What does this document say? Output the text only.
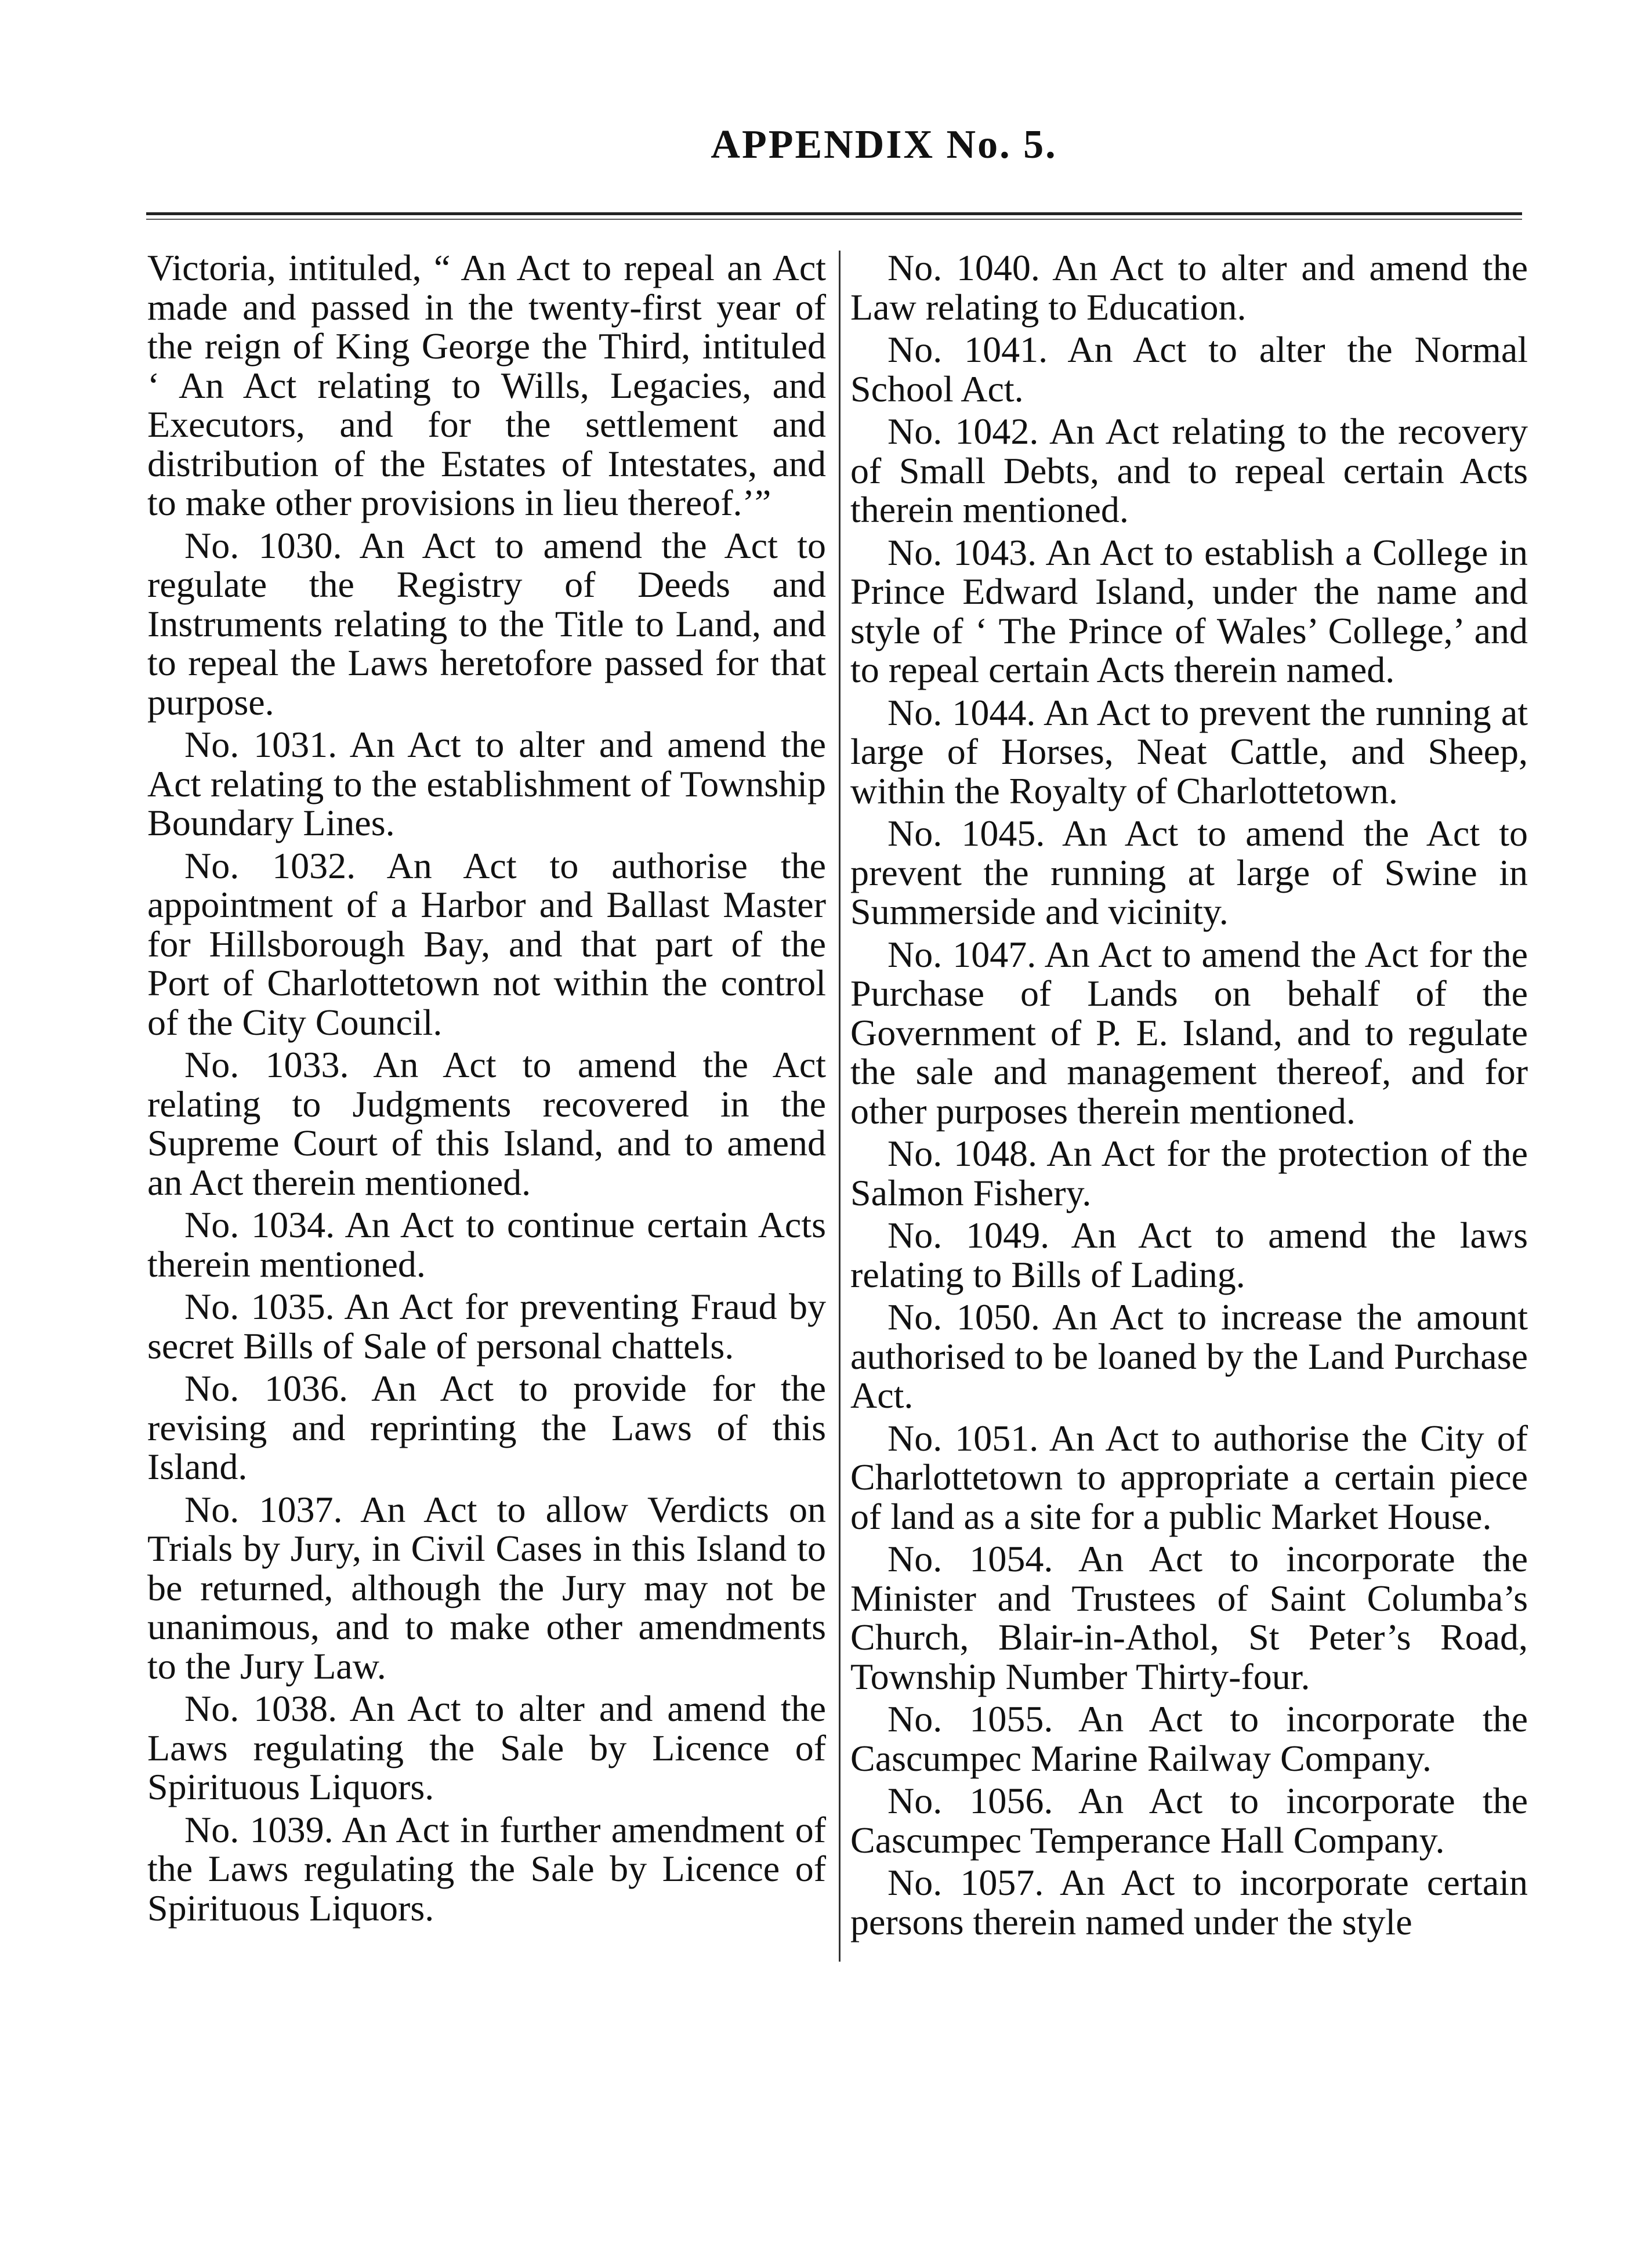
APPENDIX No. 5.

Victoria, intituled, “ An Act to repeal an Act made and passed in the twenty-first year of the reign of King George the Third, intituled ‘ An Act relating to Wills, Legacies, and Executors, and for the settlement and distribution of the Estates of Intestates, and to make other provisions in lieu thereof.’”

No. 1030. An Act to amend the Act to regulate the Registry of Deeds and Instruments relating to the Title to Land, and to repeal the Laws heretofore passed for that purpose.

No. 1031. An Act to alter and amend the Act relating to the establishment of Township Boundary Lines.

No. 1032. An Act to authorise the appointment of a Harbor and Ballast Master for Hillsborough Bay, and that part of the Port of Charlottetown not within the control of the City Council.

No. 1033. An Act to amend the Act relating to Judgments recovered in the Supreme Court of this Island, and to amend an Act therein mentioned.

No. 1034. An Act to continue certain Acts therein mentioned.

No. 1035. An Act for preventing Fraud by secret Bills of Sale of personal chattels.

No. 1036. An Act to provide for the revising and reprinting the Laws of this Island.

No. 1037. An Act to allow Verdicts on Trials by Jury, in Civil Cases in this Island to be returned, although the Jury may not be unanimous, and to make other amendments to the Jury Law.

No. 1038. An Act to alter and amend the Laws regulating the Sale by Licence of Spirituous Liquors.

No. 1039. An Act in further amendment of the Laws regulating the Sale by Licence of Spirituous Liquors.

No. 1040. An Act to alter and amend the Law relating to Education.

No. 1041. An Act to alter the Normal School Act.

No. 1042. An Act relating to the recovery of Small Debts, and to repeal certain Acts therein mentioned.

No. 1043. An Act to establish a College in Prince Edward Island, under the name and style of ‘ The Prince of Wales’ College,’ and to repeal certain Acts therein named.

No. 1044. An Act to prevent the running at large of Horses, Neat Cattle, and Sheep, within the Royalty of Charlottetown.

No. 1045. An Act to amend the Act to prevent the running at large of Swine in Summerside and vicinity.

No. 1047. An Act to amend the Act for the Purchase of Lands on behalf of the Government of P. E. Island, and to regulate the sale and management thereof, and for other purposes therein mentioned.

No. 1048. An Act for the protection of the Salmon Fishery.

No. 1049. An Act to amend the laws relating to Bills of Lading.

No. 1050. An Act to increase the amount authorised to be loaned by the Land Purchase Act.

No. 1051. An Act to authorise the City of Charlottetown to appropriate a certain piece of land as a site for a public Market House.

No. 1054. An Act to incorporate the Minister and Trustees of Saint Columba’s Church, Blair-in-Athol, St Peter’s Road, Township Number Thirty-four.

No. 1055. An Act to incorporate the Cascumpec Marine Railway Company.

No. 1056. An Act to incorporate the Cascumpec Temperance Hall Company.

No. 1057. An Act to incorporate certain persons therein named under the style
